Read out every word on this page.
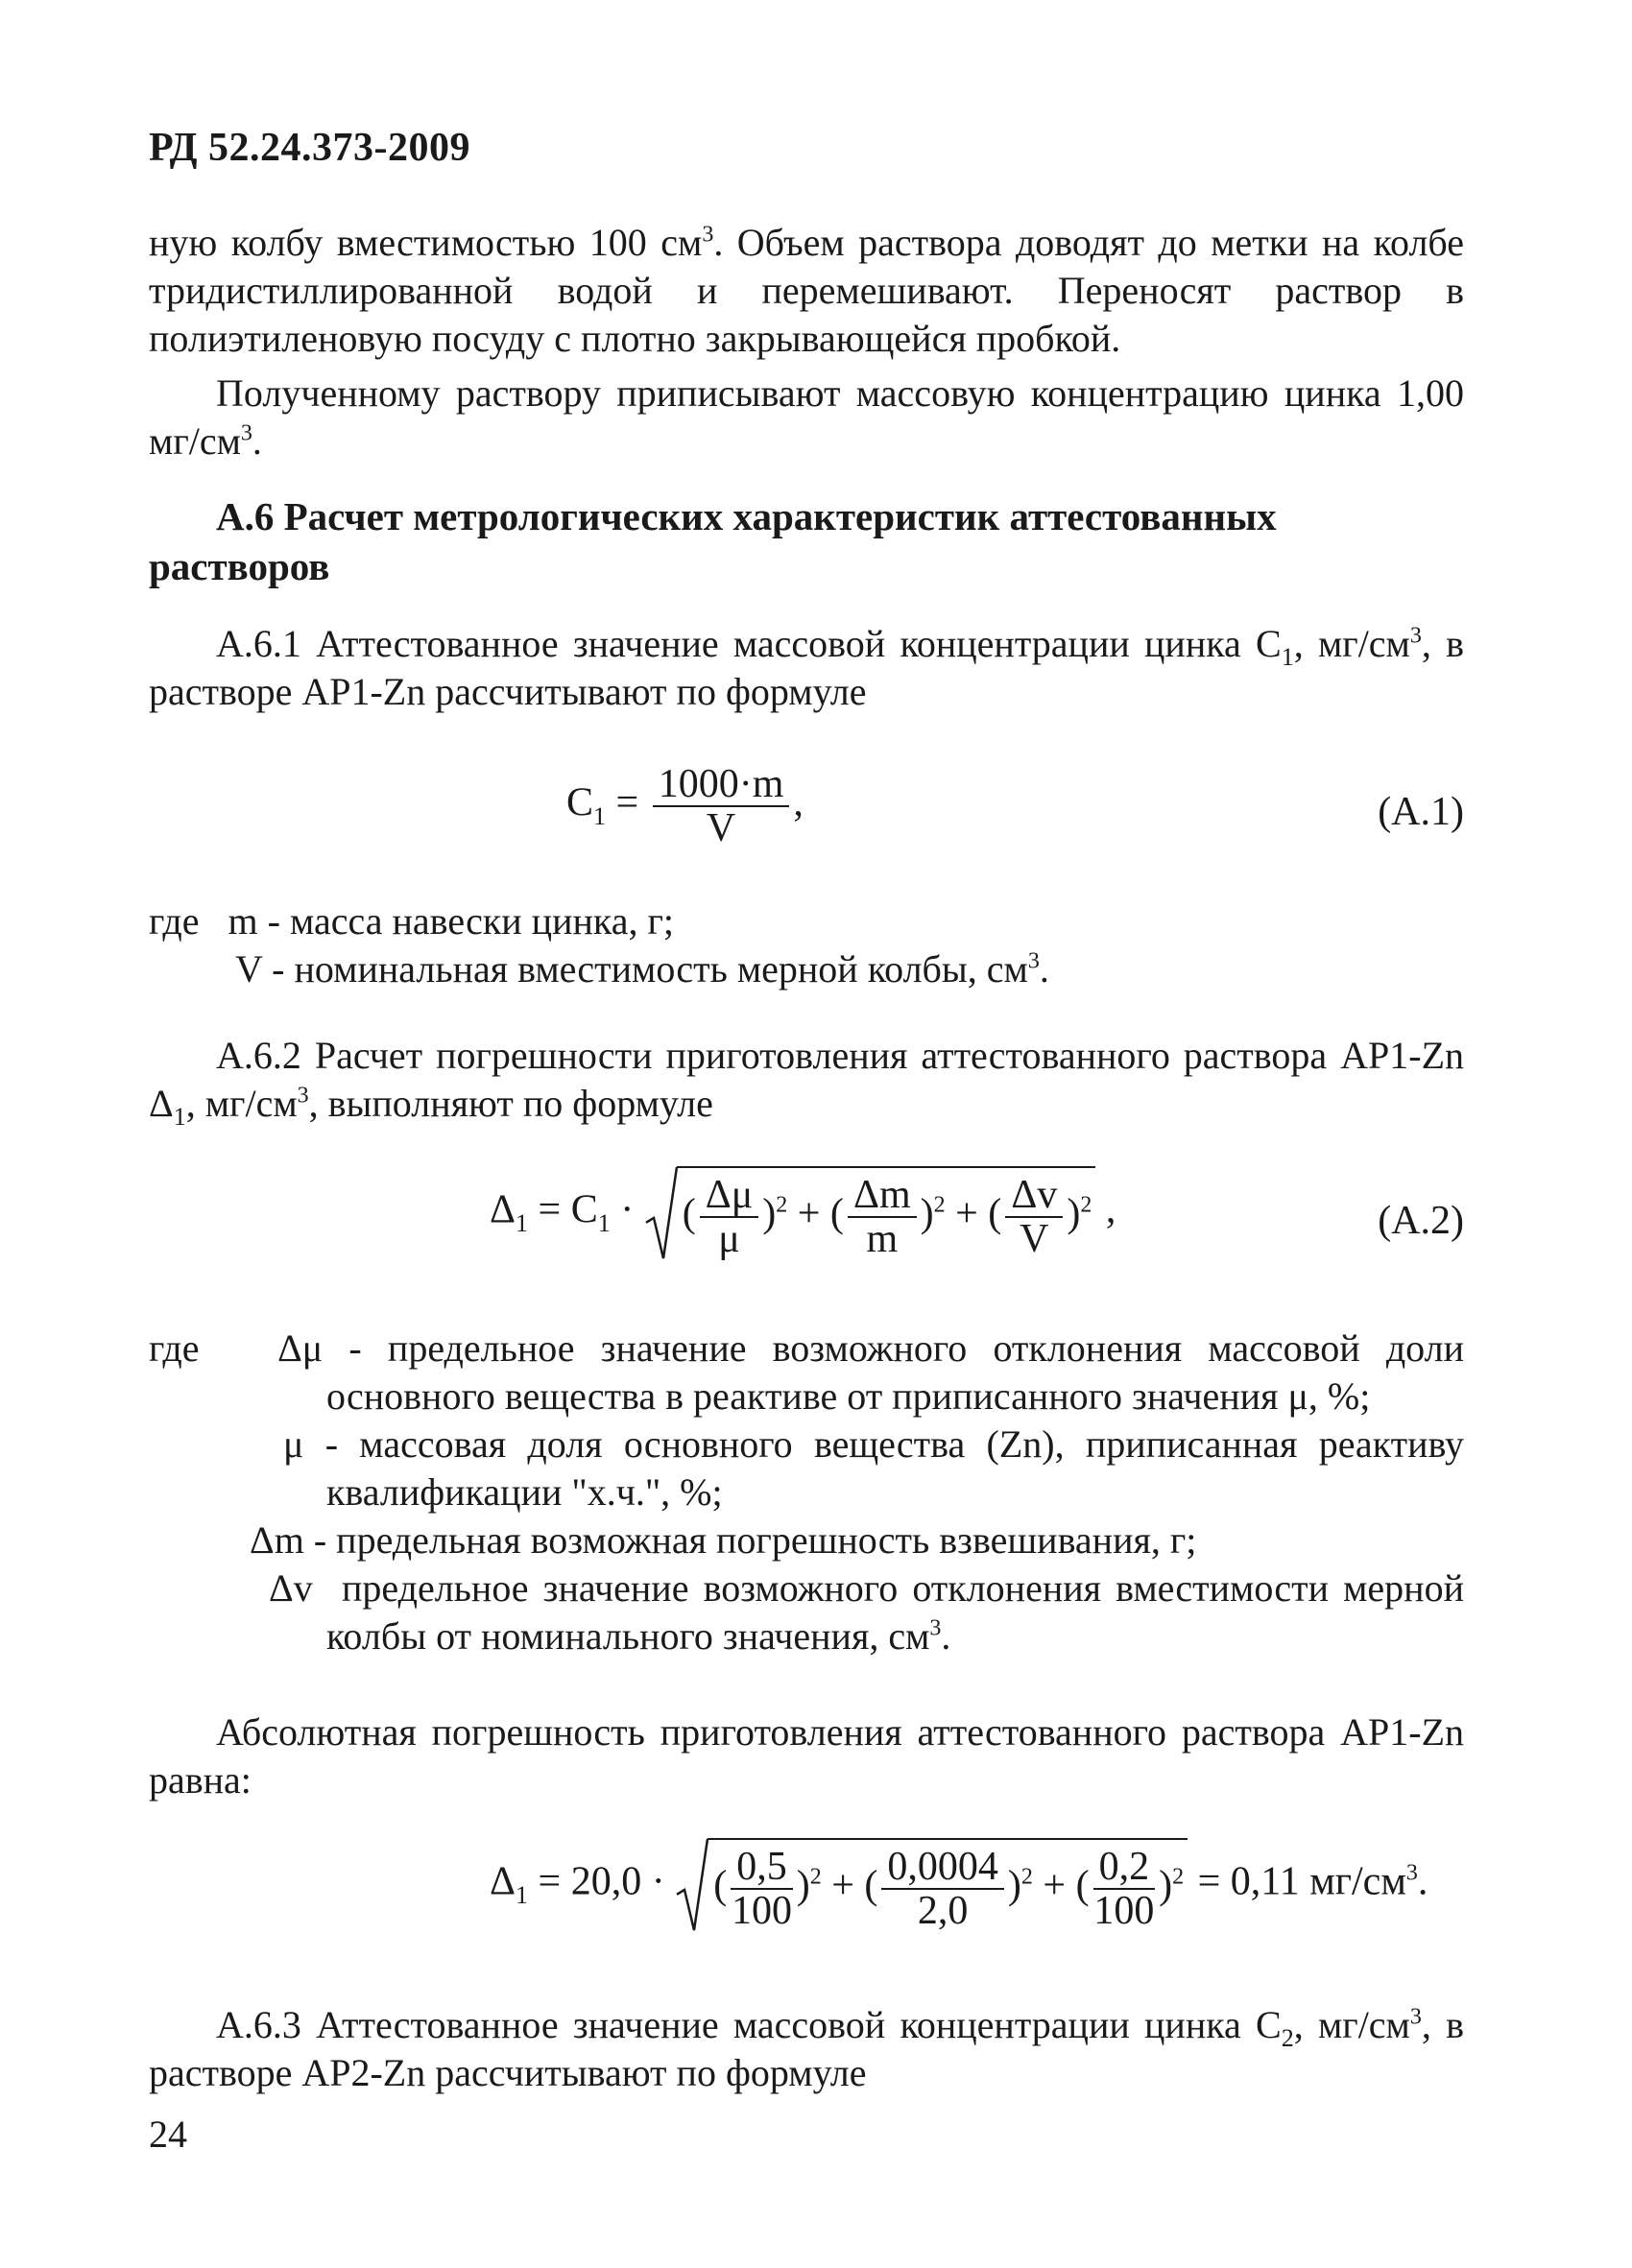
РД 52.24.373-2009
ную колбу вместимостью 100 $см^3$. Объем раствора доводят до метки на колбе тридистиллированной водой и перемешивают. Переносят раствор в полиэтиленовую посуду с плотно закрывающейся пробкой.
Полученному раствору приписывают массовую концентрацию цинка 1,00 $мг/см^3$.
А.6 Расчет метрологических характеристик аттестованных растворов
А.6.1 Аттестованное значение массовой концентрации цинка $С_1$, $мг/см^3$, в растворе АР1-Zn рассчитывают по формуле
$C_1 = \frac{1000\cdot m}{V}$ ,	(А.1)
где m - масса навески цинка, г;
V - номинальная вместимость мерной колбы, $см^3$.
А.6.2 Расчет погрешности приготовления аттестованного раствора АР1-Zn $\Delta_1$, $мг/см^3$, выполняют по формуле
$\Delta_1 = C_1$ ·
( $\frac{\Delta\mu}{\mu} )^2$ + ( $\frac{\Delta m}{m} )^2$ + ( $\frac{\Delta v}{V} )^2$ ,	(А.2)
где Δμ - предельное значение возможного отклонения массовой доли основного вещества в реактиве от приписанного значения μ, %;
μ - массовая доля основного вещества (Zn), приписанная реактиву квалификации "х.ч.", %;
Δm - предельная возможная погрешность взвешивания, г;
Δv предельное значение возможного отклонения вместимости мерной колбы от номинального значения, $см^3$.
Абсолютная погрешность приготовления аттестованного раствора АР1-Zn равна:
$\Delta_1 = 20,0$ ·
( $\frac{0,5}{100} )^2$ + ( $\frac{0,0004}{2,0} )^2$ + ( $\frac{0,2}{100} )^2 = 0,11$ $мг/см^3$.
А.6.3 Аттестованное значение массовой концентрации цинка $С_2$, $мг/см^3$, в растворе АР2-Zn рассчитывают по формуле
24
